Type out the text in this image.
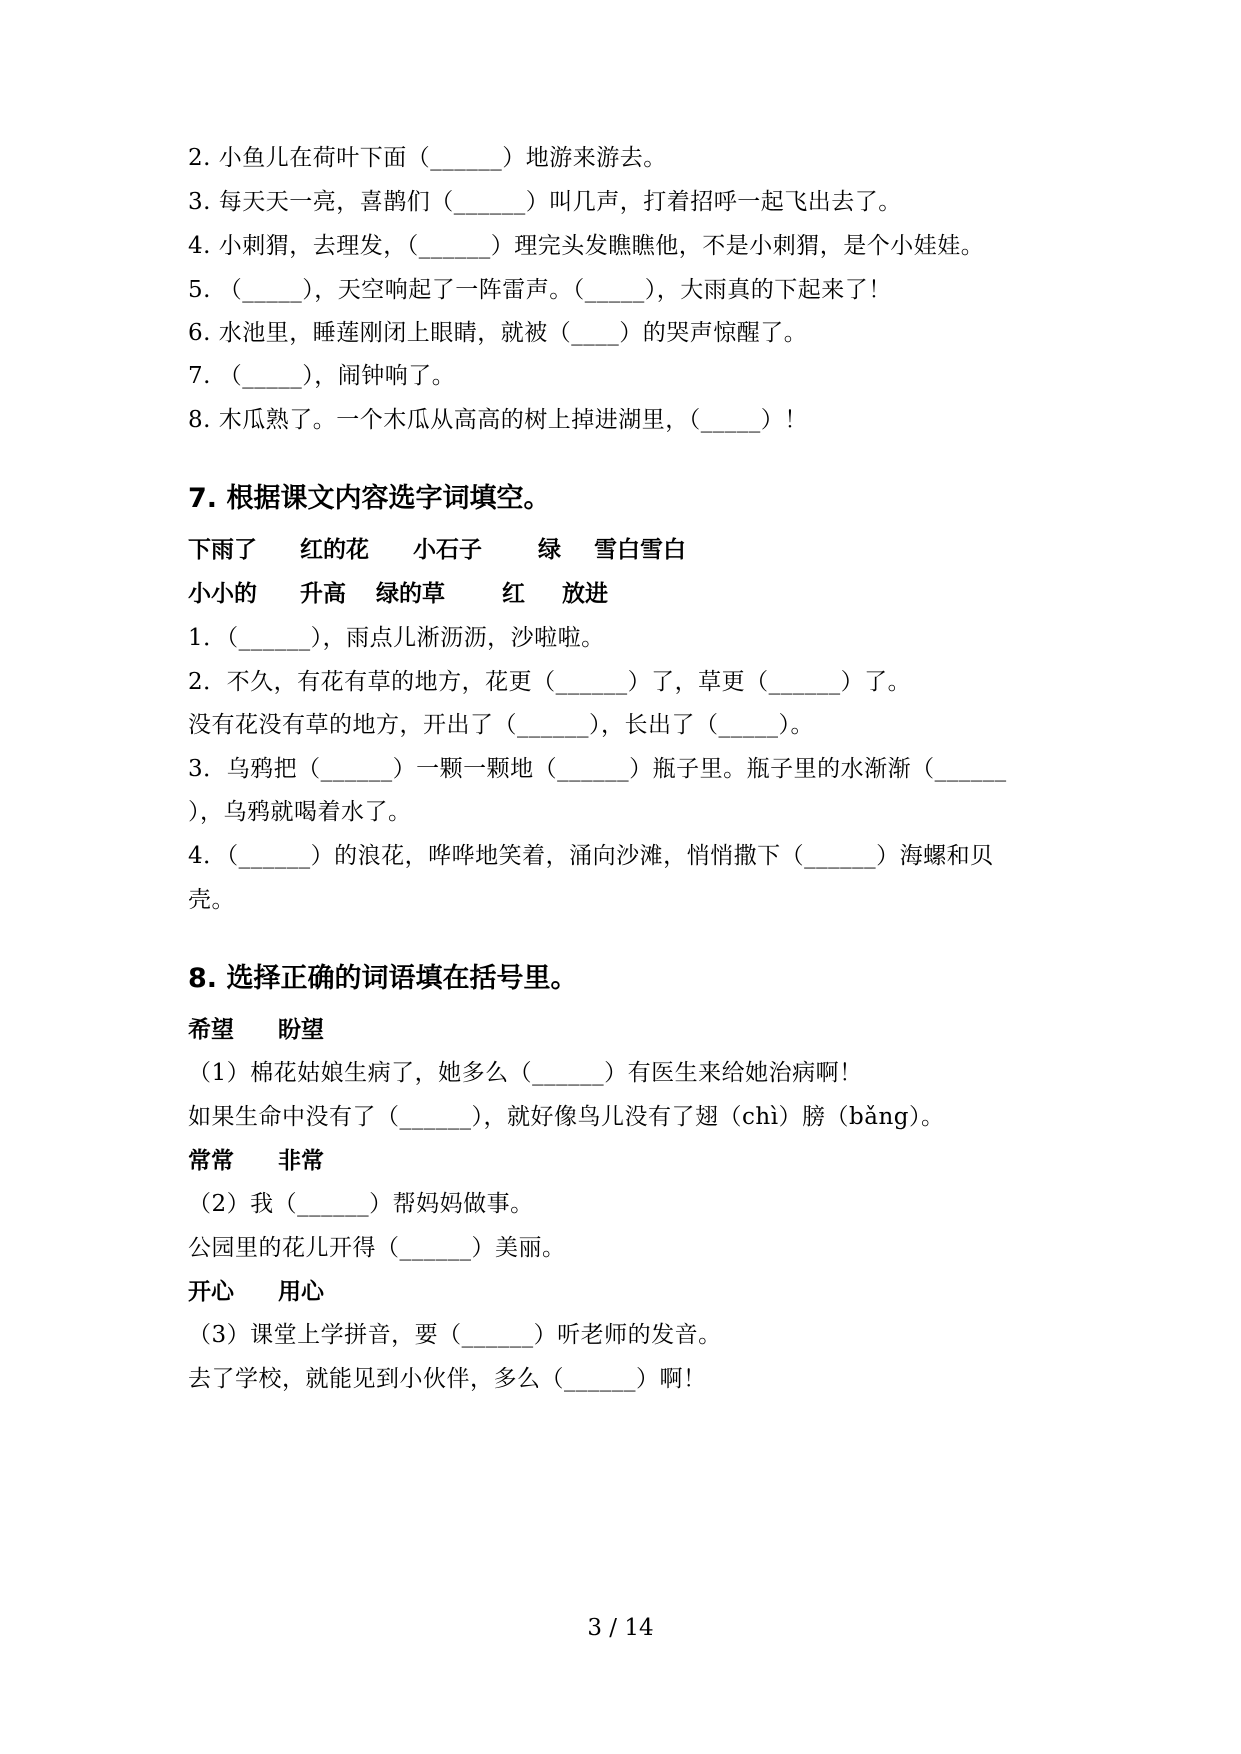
2. 小鱼儿在荷叶下面（______）地游来游去。
3. 每天天一亮，喜鹊们（______）叫几声，打着招呼一起飞出去了。
4. 小刺猬，去理发，（______）理完头发瞧瞧他，不是小刺猬，是个小娃娃。
5. （_____），天空响起了一阵雷声。（_____），大雨真的下起来了！
6. 水池里，睡莲刚闭上眼睛，就被（____）的哭声惊醒了。
7. （_____），闹钟响了。
8. 木瓜熟了。一个木瓜从高高的树上掉进湖里，（_____）！
7. 根据课文内容选字词填空。
下雨了 红的花 小石子 绿 雪白雪白
小小的 升高 绿的草 红 放进
1．（______），雨点儿淅沥沥，沙啦啦。
2．不久，有花有草的地方，花更（______）了，草更（______）了。
没有花没有草的地方，开出了（______），长出了（_____）。
3．乌鸦把（______）一颗一颗地（______）瓶子里。瓶子里的水渐渐（______
），乌鸦就喝着水了。
4．（______）的浪花，哗哗地笑着，涌向沙滩，悄悄撒下（______）海螺和贝
壳。
8. 选择正确的词语填在括号里。
希望 盼望
（1）棉花姑娘生病了，她多么（______）有医生来给她治病啊！
如果生命中没有了（______），就好像鸟儿没有了翅（chì）膀（bǎng）。
常常 非常
（2）我（______）帮妈妈做事。
公园里的花儿开得（______）美丽。
开心 用心
（3）课堂上学拼音，要（______）听老师的发音。
去了学校，就能见到小伙伴，多么（______）啊！
3 / 14
